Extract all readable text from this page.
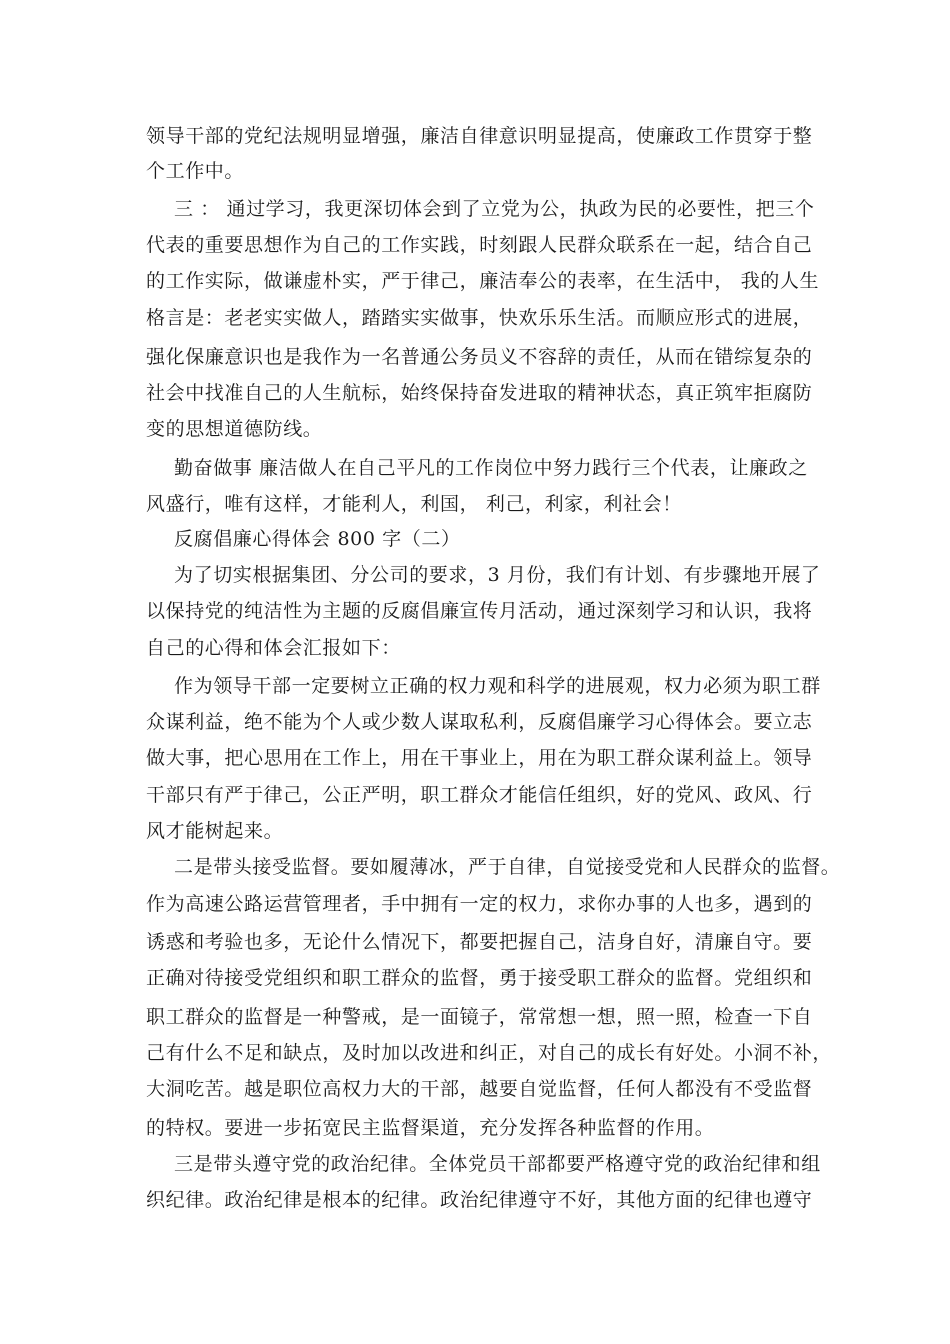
领导干部的党纪法规明显增强，廉洁自律意识明显提高，使廉政工作贯穿于整
个工作中。
三 ： 通过学习，我更深切体会到了立党为公，执政为民的必要性，把三个
代表的重要思想作为自己的工作实践，时刻跟人民群众联系在一起，结合自己
的工作实际，做谦虚朴实，严于律己，廉洁奉公的表率，在生活中， 我的人生
格言是：老老实实做人，踏踏实实做事，快欢乐乐生活。而顺应形式的进展，
强化保廉意识也是我作为一名普通公务员义不容辞的责任，从而在错综复杂的
社会中找准自己的人生航标，始终保持奋发进取的精神状态，真正筑牢拒腐防
变的思想道德防线。
勤奋做事 廉洁做人在自己平凡的工作岗位中努力践行三个代表，让廉政之
风盛行，唯有这样，才能利人，利国， 利己，利家，利社会！
反腐倡廉心得体会 800 字（二）
为了切实根据集团、分公司的要求，3 月份，我们有计划、有步骤地开展了
以保持党的纯洁性为主题的反腐倡廉宣传月活动，通过深刻学习和认识，我将
自己的心得和体会汇报如下：
作为领导干部一定要树立正确的权力观和科学的进展观，权力必须为职工群
众谋利益，绝不能为个人或少数人谋取私利，反腐倡廉学习心得体会。要立志
做大事，把心思用在工作上，用在干事业上，用在为职工群众谋利益上。领导
干部只有严于律己，公正严明，职工群众才能信任组织，好的党风、政风、行
风才能树起来。
二是带头接受监督。要如履薄冰，严于自律，自觉接受党和人民群众的监督。
作为高速公路运营管理者，手中拥有一定的权力，求你办事的人也多，遇到的
诱惑和考验也多，无论什么情况下，都要把握自己，洁身自好，清廉自守。要
正确对待接受党组织和职工群众的监督，勇于接受职工群众的监督。党组织和
职工群众的监督是一种警戒，是一面镜子，常常想一想，照一照，检查一下自
己有什么不足和缺点，及时加以改进和纠正，对自己的成长有好处。小洞不补，
大洞吃苦。越是职位高权力大的干部，越要自觉监督，任何人都没有不受监督
的特权。要进一步拓宽民主监督渠道，充分发挥各种监督的作用。
三是带头遵守党的政治纪律。全体党员干部都要严格遵守党的政治纪律和组
织纪律。政治纪律是根本的纪律。政治纪律遵守不好，其他方面的纪律也遵守
